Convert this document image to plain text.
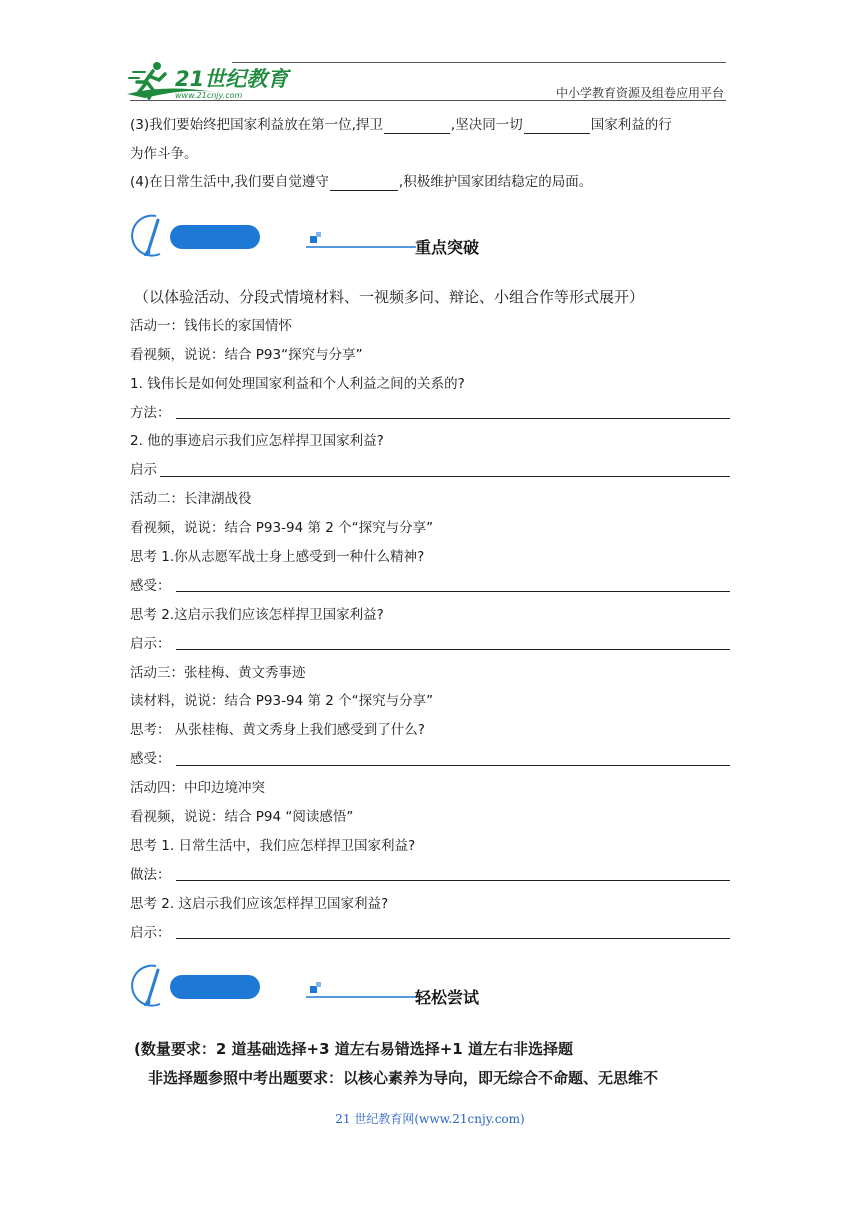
21世纪教育
www.21cnjy.com	中小学教育资源及组卷应用平台
(3)我们要始终把国家利益放在第一位,捍卫	,坚决同一切	国家利益的行
为作斗争。
(4)在日常生活中,我们要自觉遵守	,积极维护国家团结稳定的局面。
重点突破
（以体验活动、分段式情境材料、一视频多问、辩论、小组合作等形式展开）
活动一：钱伟长的家国情怀
看视频，说说：结合 P93“探究与分享”
1. 钱伟长是如何处理国家利益和个人利益之间的关系的?
方法：
2. 他的事迹启示我们应怎样捍卫国家利益?
启示
活动二：长津湖战役
看视频，说说：结合 P93-94 第 2 个“探究与分享”
思考 1.你从志愿军战士身上感受到一种什么精神?
感受：
思考 2.这启示我们应该怎样捍卫国家利益?
启示：
活动三：张桂梅、黄文秀事迹
读材料，说说：结合 P93-94 第 2 个“探究与分享”
思考： 从张桂梅、黄文秀身上我们感受到了什么?
感受：
活动四：中印边境冲突
看视频，说说：结合 P94 “阅读感悟”
思考 1. 日常生活中，我们应怎样捍卫国家利益?
做法：
思考 2. 这启示我们应该怎样捍卫国家利益?
启示：
轻松尝试
(数量要求：2 道基础选择+3 道左右易错选择+1 道左右非选择题
非选择题参照中考出题要求：以核心素养为导向，即无综合不命题、无思维不
21 世纪教育网(www.21cnjy.com)
